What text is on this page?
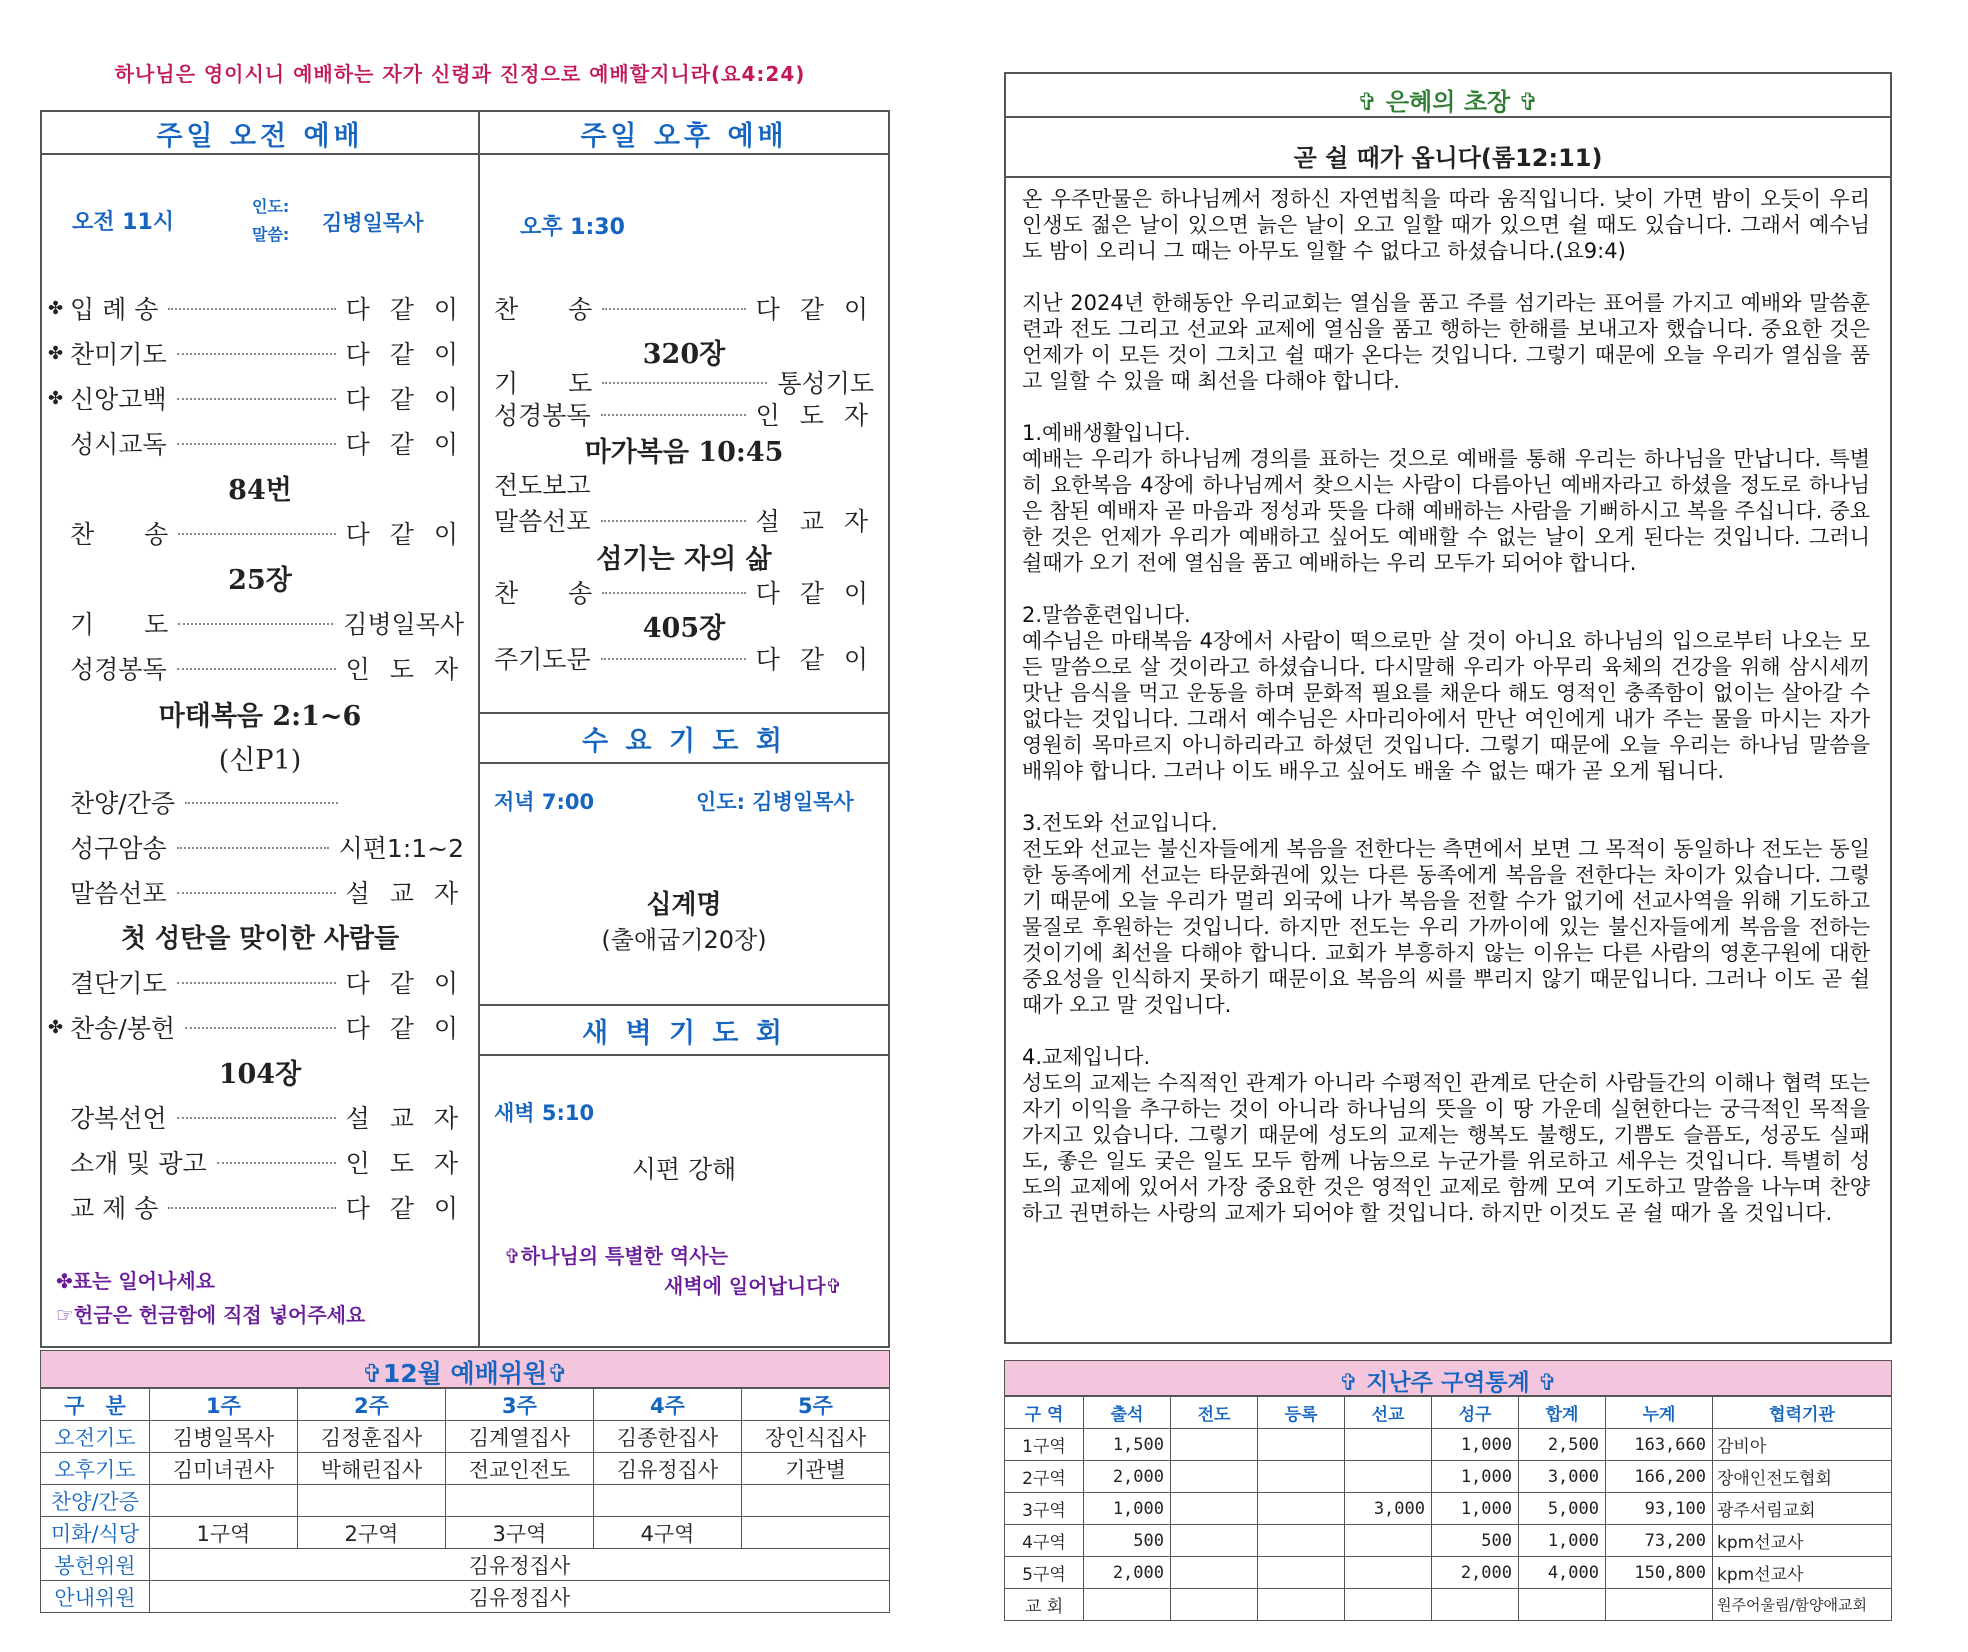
하나님은 영이시니 예배하는 자가 신령과 진정으로 예배할지니라(요4:24)
주일 오전 예배	주일 오후 예배
오전 11시
인도:
말씀: 김병일목사
✤ 입 례 송	다 같 이
✤ 찬미기도	다 같 이
✤ 신앙고백	다 같 이
성시교독	다 같 이
84번
찬　　송	다 같 이
25장
기　　도	김병일목사
성경봉독	인 도 자
마태복음 2:1~6
(신P1)
찬양/간증
성구암송	시편1:1~2
말씀선포	설 교 자
첫 성탄을 맞이한 사람들
결단기도	다 같 이
✤ 찬송/봉헌	다 같 이
104장
강복선언	설 교 자
소개 및 광고	인 도 자
교 제 송	다 같 이
✤표는 일어나세요
☞헌금은 헌금함에 직접 넣어주세요
오후 1:30
찬　　송	다 같 이
320장
기　　도	통성기도
성경봉독	인 도 자
마가복음 10:45
전도보고
말씀선포	설 교 자
섬기는 자의 삶
찬　　송	다 같 이
405장
주기도문	다 같 이
수 요 기 도 회
저녁 7:00	인도: 김병일목사
십계명
(출애굽기20장)
새 벽 기 도 회
새벽 5:10
시편 강해
✞하나님의 특별한 역사는
새벽에 일어납니다✞
✞12월 예배위원✞
구　분	1주	2주	3주	4주	5주
오전기도	김병일목사	김정훈집사	김계열집사	김종한집사	장인식집사
오후기도	김미녀권사	박해린집사	전교인전도	김유정집사	기관별
찬양/간증					
미화/식당	1구역	2구역	3구역	4구역	
봉헌위원	김유정집사				
안내위원	김유정집사				
✞ 은혜의 초장 ✞
곧 쉴 때가 옵니다(롬12:11)

온 우주만물은 하나님께서 정하신 자연법칙을 따라 움직입니다. 낮이 가면 밤이 오듯이 우리 인생도 젊은 날이 있으면 늙은 날이 오고 일할 때가 있으면 쉴 때도 있습니다. 그래서 예수님도 밤이 오리니 그 때는 아무도 일할 수 없다고 하셨습니다.(요9:4)

지난 2024년 한해동안 우리교회는 열심을 품고 주를 섬기라는 표어를 가지고 예배와 말씀훈련과 전도 그리고 선교와 교제에 열심을 품고 행하는 한해를 보내고자 했습니다. 중요한 것은 언제가 이 모든 것이 그치고 쉴 때가 온다는 것입니다. 그렇기 때문에 오늘 우리가 열심을 품고 일할 수 있을 때 최선을 다해야 합니다.

1.예배생활입니다.
예배는 우리가 하나님께 경의를 표하는 것으로 예배를 통해 우리는 하나님을 만납니다. 특별히 요한복음 4장에 하나님께서 찾으시는 사람이 다름아닌 예배자라고 하셨을 정도로 하나님은 참된 예배자 곧 마음과 정성과 뜻을 다해 예배하는 사람을 기뻐하시고 복을 주십니다. 중요한 것은 언제가 우리가 예배하고 싶어도 예배할 수 없는 날이 오게 된다는 것입니다. 그러니 쉴때가 오기 전에 열심을 품고 예배하는 우리 모두가 되어야 합니다.

2.말씀훈련입니다.
예수님은 마태복음 4장에서 사람이 떡으로만 살 것이 아니요 하나님의 입으로부터 나오는 모든 말씀으로 살 것이라고 하셨습니다. 다시말해 우리가 아무리 육체의 건강을 위해 삼시세끼 맛난 음식을 먹고 운동을 하며 문화적 필요를 채운다 해도 영적인 충족함이 없이는 살아갈 수 없다는 것입니다. 그래서 예수님은 사마리아에서 만난 여인에게 내가 주는 물을 마시는 자가 영원히 목마르지 아니하리라고 하셨던 것입니다. 그렇기 때문에 오늘 우리는 하나님 말씀을 배워야 합니다. 그러나 이도 배우고 싶어도 배울 수 없는 때가 곧 오게 됩니다.

3.전도와 선교입니다.
전도와 선교는 불신자들에게 복음을 전한다는 측면에서 보면 그 목적이 동일하나 전도는 동일한 동족에게 선교는 타문화권에 있는 다른 동족에게 복음을 전한다는 차이가 있습니다. 그렇기 때문에 오늘 우리가 멀리 외국에 나가 복음을 전할 수가 없기에 선교사역을 위해 기도하고 물질로 후원하는 것입니다. 하지만 전도는 우리 가까이에 있는 불신자들에게 복음을 전하는 것이기에 최선을 다해야 합니다. 교회가 부흥하지 않는 이유는 다른 사람의 영혼구원에 대한 중요성을 인식하지 못하기 때문이요 복음의 씨를 뿌리지 않기 때문입니다. 그러나 이도 곧 쉴 때가 오고 말 것입니다.

4.교제입니다.
성도의 교제는 수직적인 관계가 아니라 수평적인 관계로 단순히 사람들간의 이해나 협력 또는 자기 이익을 추구하는 것이 아니라 하나님의 뜻을 이 땅 가운데 실현한다는 궁극적인 목적을 가지고 있습니다. 그렇기 때문에 성도의 교제는 행복도 불행도, 기쁨도 슬픔도, 성공도 실패도, 좋은 일도 궂은 일도 모두 함께 나눔으로 누군가를 위로하고 세우는 것입니다. 특별히 성도의 교제에 있어서 가장 중요한 것은 영적인 교제로 함께 모여 기도하고 말씀을 나누며 찬양하고 권면하는 사랑의 교제가 되어야 할 것입니다. 하지만 이것도 곧 쉴 때가 올 것입니다.

✞ 지난주 구역통계 ✞
구 역	출석	전도	등록	선교	성구	합계	누계	협력기관
1구역	1,500				1,000	2,500	163,660	감비아
2구역	2,000				1,000	3,000	166,200	장애인전도협회
3구역	1,000			3,000	1,000	5,000	93,100	광주서림교회
4구역	500				500	1,000	73,200	kpm선교사
5구역	2,000				2,000	4,000	150,800	kpm선교사
교 회								원주어울림/함양애교회
